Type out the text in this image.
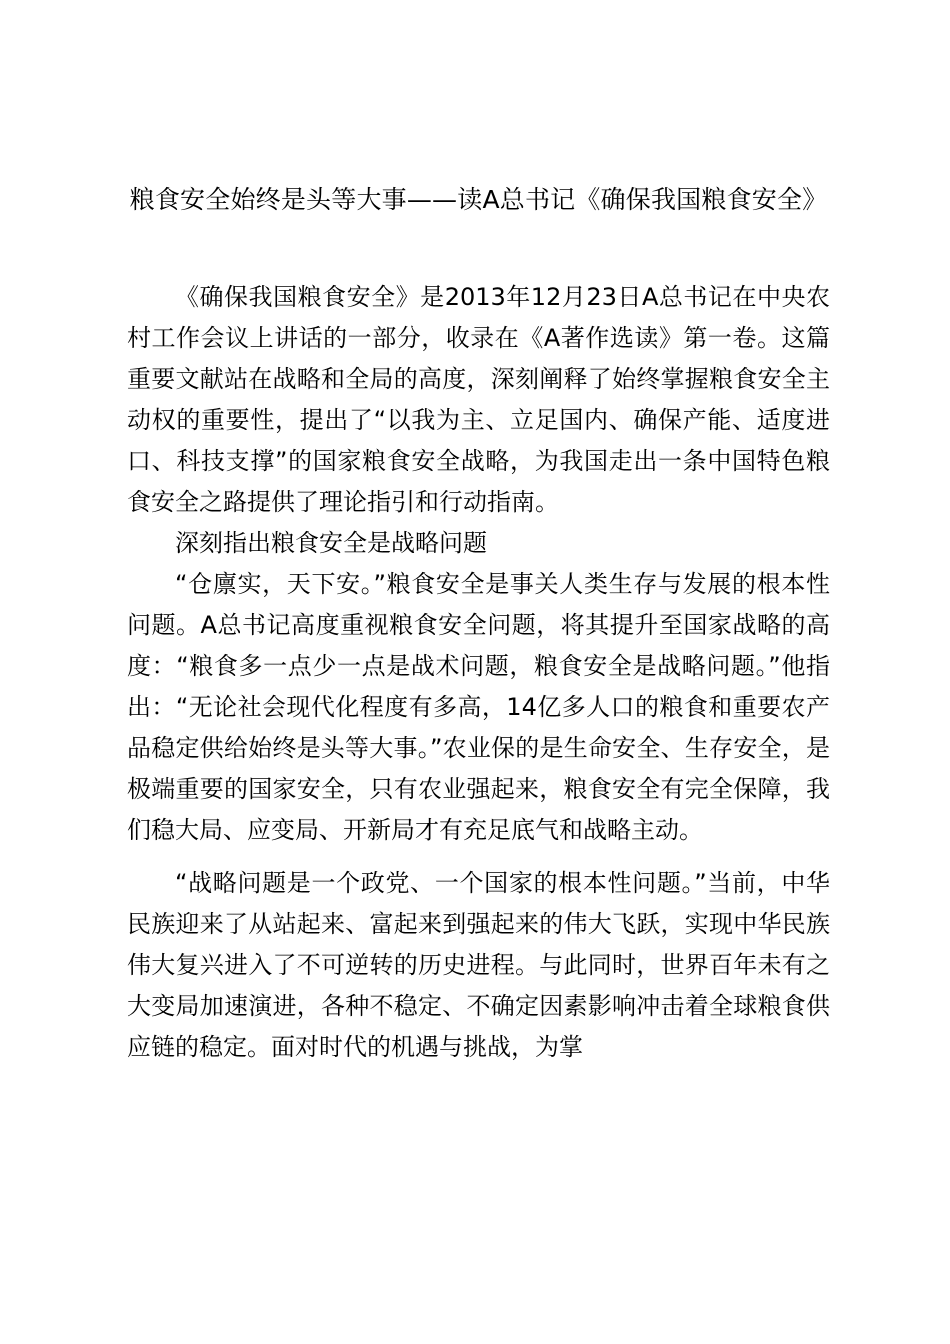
粮食安全始终是头等大事——读A总书记《确保我国粮食安全》

《确保我国粮食安全》是2013年12月23日A总书记在中央农村工作会议上讲话的一部分，收录在《A著作选读》第一卷。这篇重要文献站在战略和全局的高度，深刻阐释了始终掌握粮食安全主动权的重要性，提出了“以我为主、立足国内、确保产能、适度进口、科技支撑”的国家粮食安全战略，为我国走出一条中国特色粮食安全之路提供了理论指引和行动指南。

深刻指出粮食安全是战略问题

“仓廪实，天下安。”粮食安全是事关人类生存与发展的根本性问题。A总书记高度重视粮食安全问题，将其提升至国家战略的高度：“粮食多一点少一点是战术问题，粮食安全是战略问题。”他指出：“无论社会现代化程度有多高，14亿多人口的粮食和重要农产品稳定供给始终是头等大事。”农业保的是生命安全、生存安全，是极端重要的国家安全，只有农业强起来，粮食安全有完全保障，我们稳大局、应变局、开新局才有充足底气和战略主动。

“战略问题是一个政党、一个国家的根本性问题。”当前，中华民族迎来了从站起来、富起来到强起来的伟大飞跃，实现中华民族伟大复兴进入了不可逆转的历史进程。与此同时，世界百年未有之大变局加速演进，各种不稳定、不确定因素影响冲击着全球粮食供应链的稳定。面对时代的机遇与挑战，为掌
